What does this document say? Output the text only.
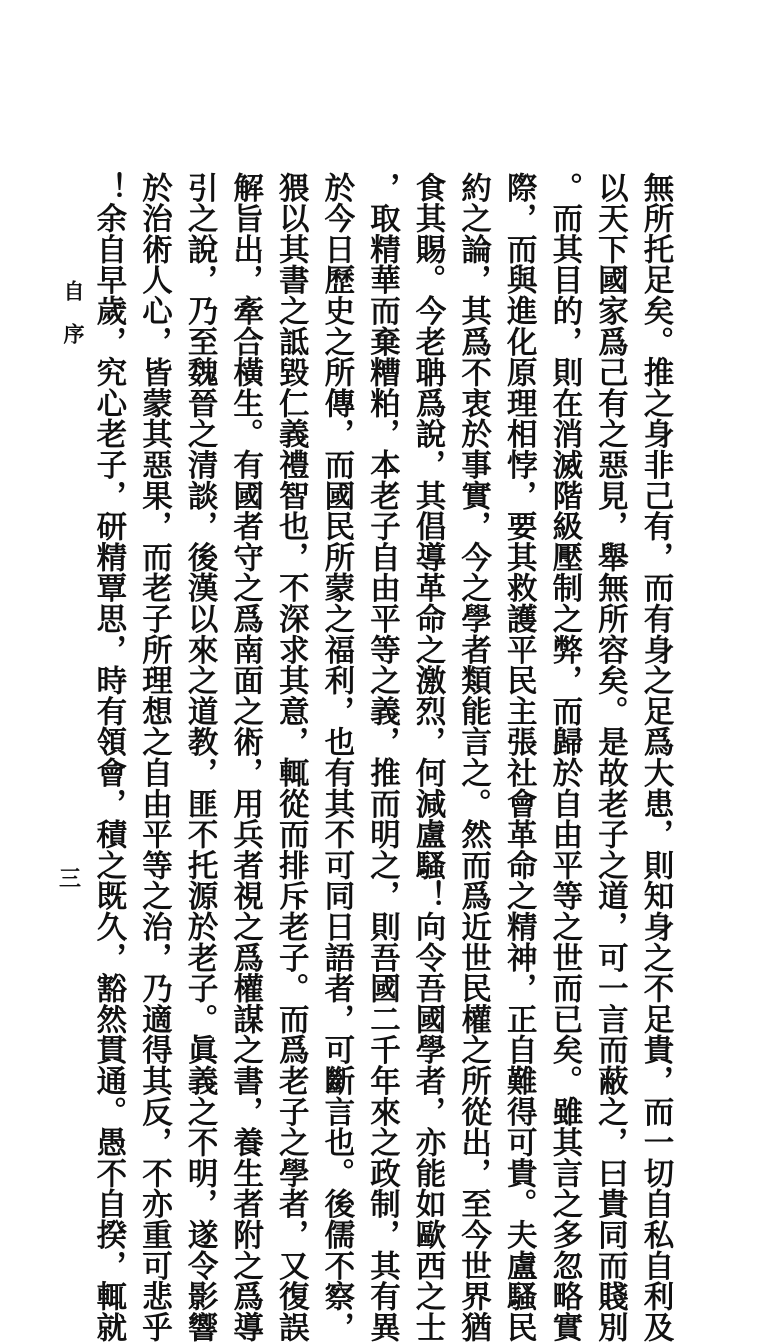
無所托足矣。推之身非己有，而有身之足爲大患，則知身之不足貴，而一切自私自利及
以天下國家爲己有之惡見，舉無所容矣。是故老子之道，可一言而蔽之，曰貴同而賤別
。而其目的，則在消滅階級壓制之弊，而歸於自由平等之世而已矣。雖其言之多忽略實
際，而與進化原理相悖，要其救護平民主張社會革命之精神，正自難得可貴。夫盧騷民
約之論，其爲不衷於事實，今之學者類能言之。然而爲近世民權之所從出，至今世界猶
食其賜。今老聃爲說，其倡導革命之激烈，何減盧騷！向令吾國學者，亦能如歐西之士
，取精華而棄糟粕，本老子自由平等之義，推而明之，則吾國二千年來之政制，其有異
於今日歷史之所傳，而國民所蒙之福利，也有其不可同日語者，可斷言也。後儒不察，
猥以其書之詆毀仁義禮智也，不深求其意，輒從而排斥老子。而爲老子之學者，又復誤
解旨出，牽合橫生。有國者守之爲南面之術，用兵者視之爲權謀之書，養生者附之爲導
引之說，乃至魏晉之清談，後漢以來之道教，匪不托源於老子。眞義之不明，遂令影響
於治術人心，皆蒙其惡果，而老子所理想之自由平等之治，乃適得其反，不亦重可悲乎
！余自早歲，究心老子，研精覃思，時有領會，積之既久，豁然貫通。愚不自揆，輒就
自序
三
